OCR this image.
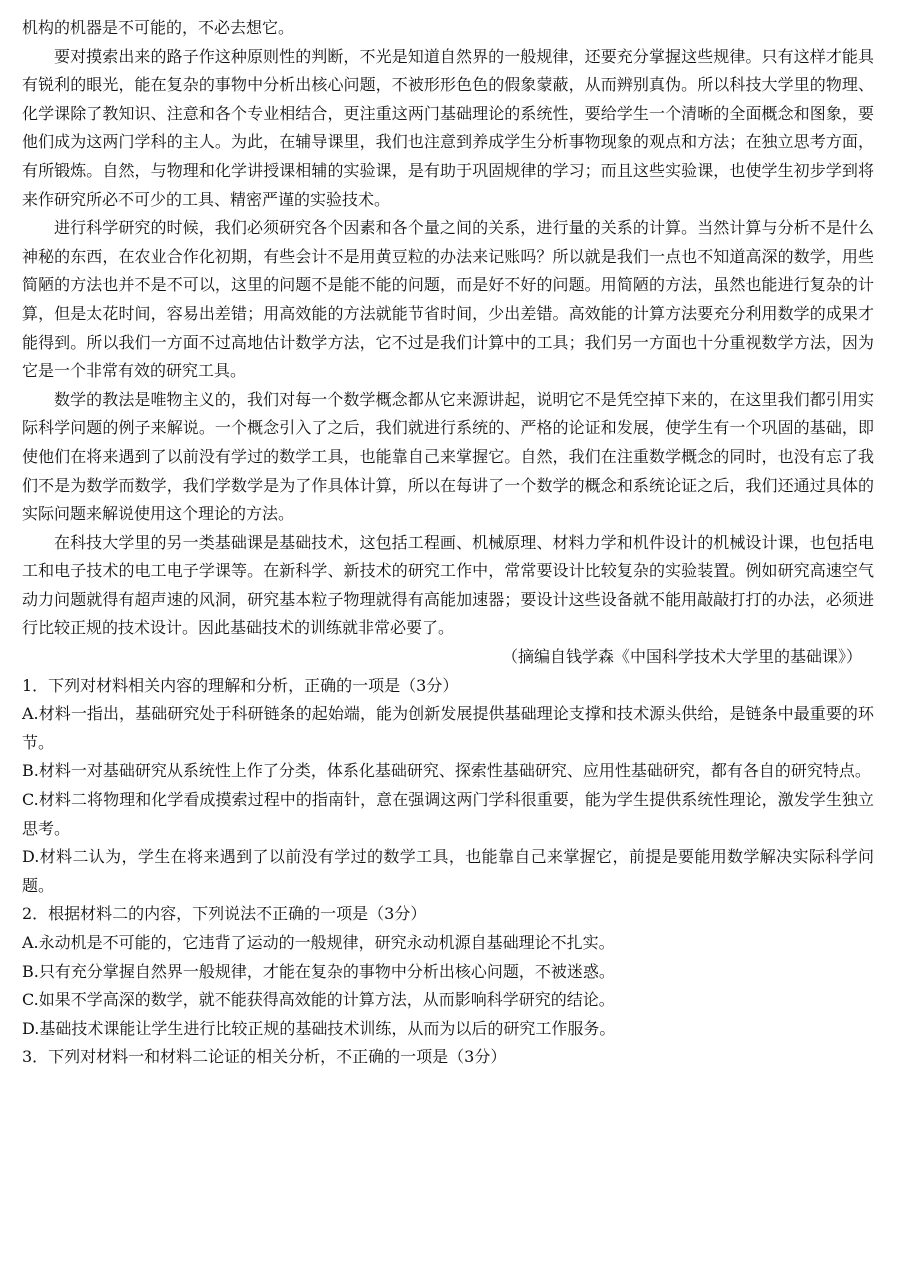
机构的机器是不可能的，不必去想它。

要对摸索出来的路子作这种原则性的判断，不光是知道自然界的一般规律，还要充分掌握这些规律。只有这样才能具有锐利的眼光，能在复杂的事物中分析出核心问题，不被形形色色的假象蒙蔽，从而辨别真伪。所以科技大学里的物理、化学课除了教知识、注意和各个专业相结合，更注重这两门基础理论的系统性，要给学生一个清晰的全面概念和图象，要他们成为这两门学科的主人。为此，在辅导课里，我们也注意到养成学生分析事物现象的观点和方法；在独立思考方面，有所锻炼。自然，与物理和化学讲授课相辅的实验课，是有助于巩固规律的学习；而且这些实验课，也使学生初步学到将来作研究所必不可少的工具、精密严谨的实验技术。

进行科学研究的时候，我们必须研究各个因素和各个量之间的关系，进行量的关系的计算。当然计算与分析不是什么神秘的东西，在农业合作化初期，有些会计不是用黄豆粒的办法来记账吗？所以就是我们一点也不知道高深的数学，用些简陋的方法也并不是不可以，这里的问题不是能不能的问题，而是好不好的问题。用简陋的方法，虽然也能进行复杂的计算，但是太花时间，容易出差错；用高效能的方法就能节省时间，少出差错。高效能的计算方法要充分利用数学的成果才能得到。所以我们一方面不过高地估计数学方法，它不过是我们计算中的工具；我们另一方面也十分重视数学方法，因为它是一个非常有效的研究工具。

数学的教法是唯物主义的，我们对每一个数学概念都从它来源讲起，说明它不是凭空掉下来的，在这里我们都引用实际科学问题的例子来解说。一个概念引入了之后，我们就进行系统的、严格的论证和发展，使学生有一个巩固的基础，即使他们在将来遇到了以前没有学过的数学工具，也能靠自己来掌握它。自然，我们在注重数学概念的同时，也没有忘了我们不是为数学而数学，我们学数学是为了作具体计算，所以在每讲了一个数学的概念和系统论证之后，我们还通过具体的实际问题来解说使用这个理论的方法。

在科技大学里的另一类基础课是基础技术，这包括工程画、机械原理、材料力学和机件设计的机械设计课，也包括电工和电子技术的电工电子学课等。在新科学、新技术的研究工作中，常常要设计比较复杂的实验装置。例如研究高速空气动力问题就得有超声速的风洞，研究基本粒子物理就得有高能加速器；要设计这些设备就不能用敲敲打打的办法，必须进行比较正规的技术设计。因此基础技术的训练就非常必要了。

（摘编自钱学森《中国科学技术大学里的基础课》）

1．下列对材料相关内容的理解和分析，正确的一项是（3分）

A.材料一指出，基础研究处于科研链条的起始端，能为创新发展提供基础理论支撑和技术源头供给，是链条中最重要的环节。

B.材料一对基础研究从系统性上作了分类，体系化基础研究、探索性基础研究、应用性基础研究，都有各自的研究特点。

C.材料二将物理和化学看成摸索过程中的指南针，意在强调这两门学科很重要，能为学生提供系统性理论，激发学生独立思考。

D.材料二认为，学生在将来遇到了以前没有学过的数学工具，也能靠自己来掌握它，前提是要能用数学解决实际科学问题。

2．根据材料二的内容，下列说法不正确的一项是（3分）

A.永动机是不可能的，它违背了运动的一般规律，研究永动机源自基础理论不扎实。

B.只有充分掌握自然界一般规律，才能在复杂的事物中分析出核心问题，不被迷惑。

C.如果不学高深的数学，就不能获得高效能的计算方法，从而影响科学研究的结论。

D.基础技术课能让学生进行比较正规的基础技术训练，从而为以后的研究工作服务。

3．下列对材料一和材料二论证的相关分析，不正确的一项是（3分）
